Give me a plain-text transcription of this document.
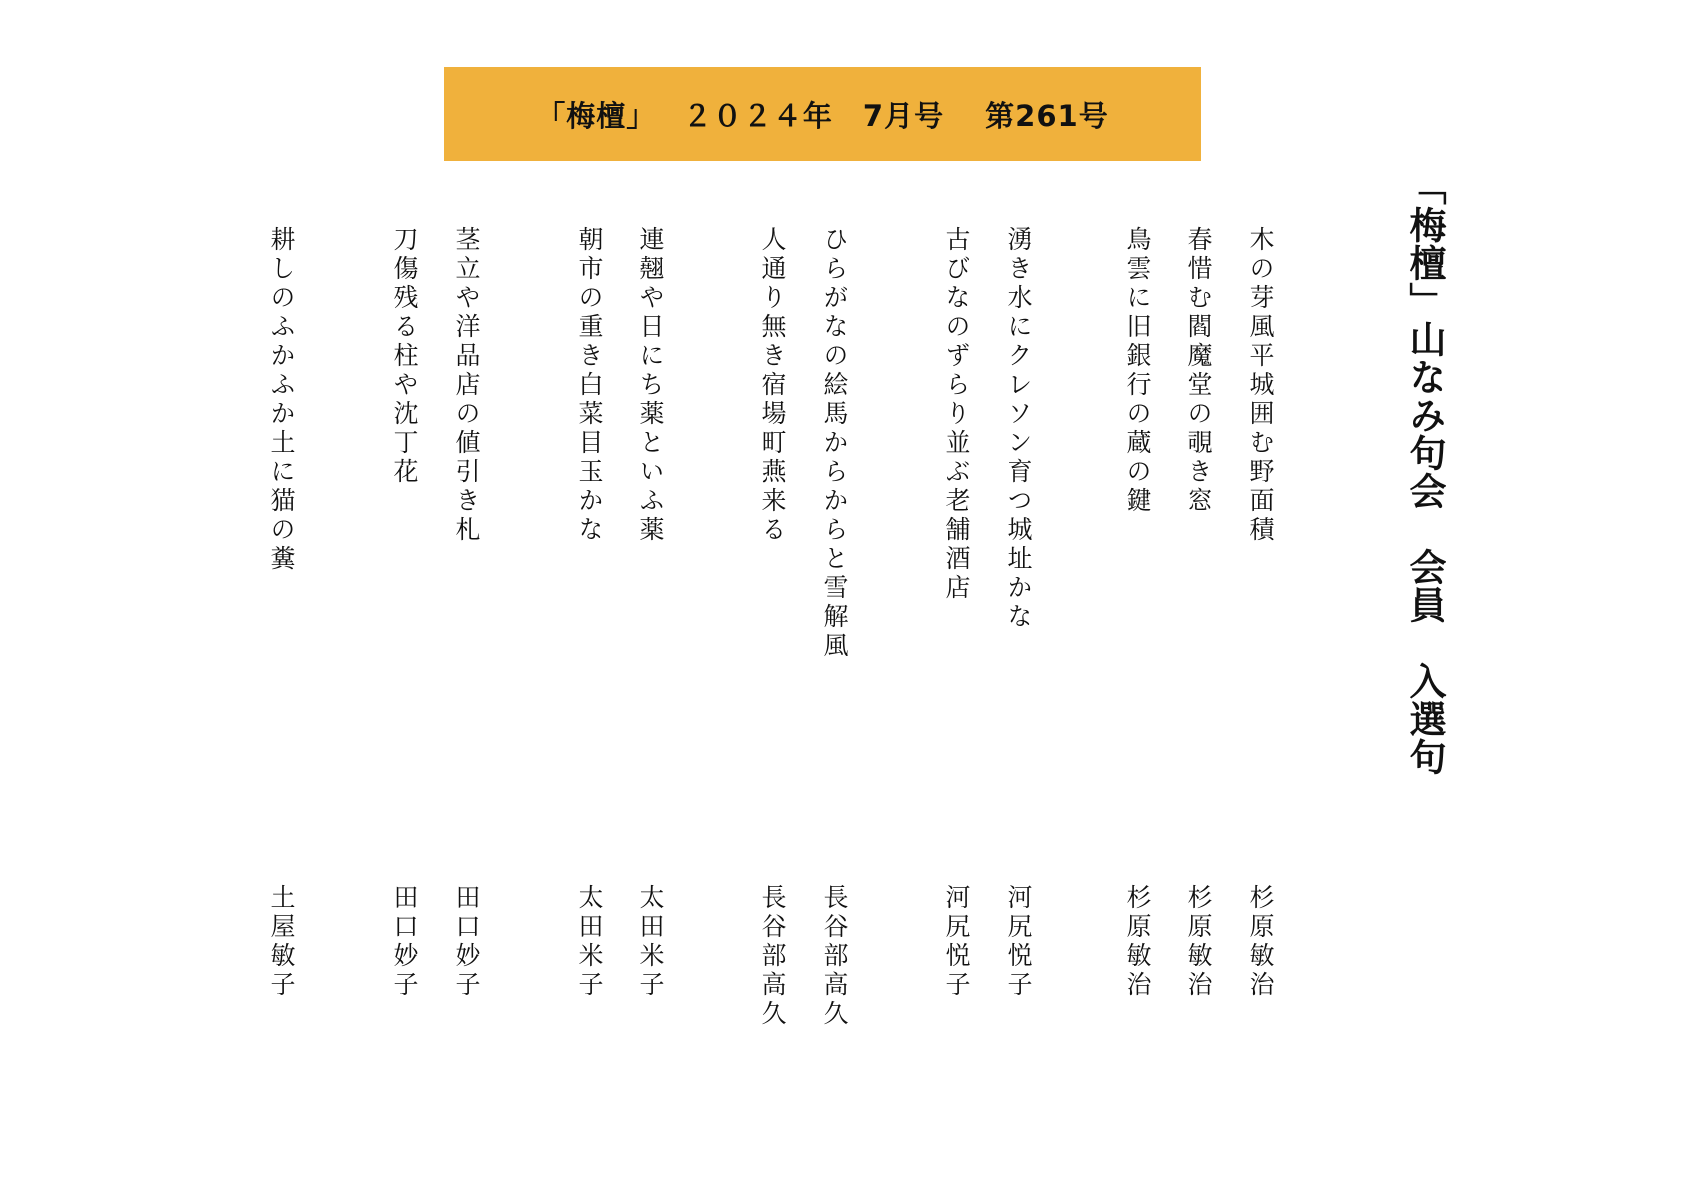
「梅檀」　 ２０２４年　7月号　 第261号
「梅檀」山なみ句会　会員　入選句
木の芽風平城囲む野面積
杉原敏治
春惜む閻魔堂の覗き窓
杉原敏治
鳥雲に旧銀行の蔵の鍵
杉原敏治
湧き水にクレソン育つ城址かな
河尻悦子
古びなのずらり並ぶ老舗酒店
河尻悦子
ひらがなの絵馬からからと雪解風
長谷部高久
人通り無き宿場町燕来る
長谷部高久
連翹や日にち薬といふ薬
太田米子
朝市の重き白菜目玉かな
太田米子
茎立や洋品店の値引き札
田口妙子
刀傷残る柱や沈丁花
田口妙子
耕しのふかふか土に猫の糞
土屋敏子
